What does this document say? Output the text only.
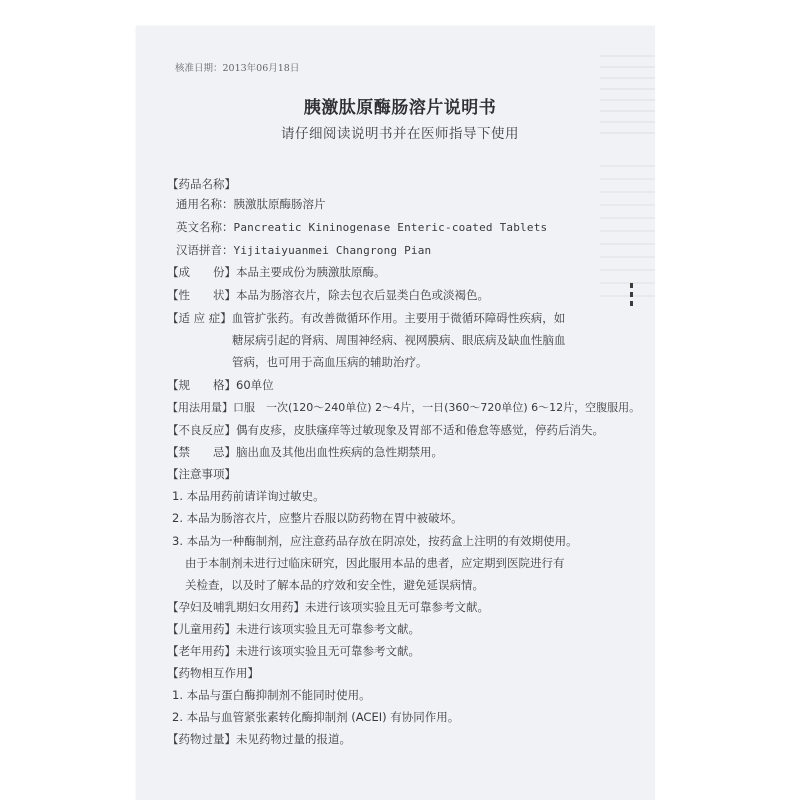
核准日期：2013年06月18日

胰激肽原酶肠溶片说明书

请仔细阅读说明书并在医师指导下使用

【药品名称】
通用名称：胰激肽原酶肠溶片
英文名称：Pancreatic Kininogenase Enteric-coated Tablets
汉语拼音：Yijitaiyuanmei Changrong Pian
【成　　份】本品主要成份为胰激肽原酶。
【性　　状】本品为肠溶衣片，除去包衣后显类白色或淡褐色。
【适 应 症】血管扩张药。有改善微循环作用。主要用于微循环障碍性疾病，如
糖尿病引起的肾病、周围神经病、视网膜病、眼底病及缺血性脑血
管病，也可用于高血压病的辅助治疗。
【规　　格】60单位
【用法用量】口服　一次(120～240单位) 2～4片，一日(360～720单位) 6～12片，空腹服用。
【不良反应】偶有皮疹，皮肤瘙痒等过敏现象及胃部不适和倦怠等感觉，停药后消失。
【禁　　忌】脑出血及其他出血性疾病的急性期禁用。
【注意事项】
1. 本品用药前请详询过敏史。
2. 本品为肠溶衣片，应整片吞服以防药物在胃中被破坏。
3. 本品为一种酶制剂，应注意药品存放在阴凉处，按药盒上注明的有效期使用。
由于本制剂未进行过临床研究，因此服用本品的患者，应定期到医院进行有
关检查，以及时了解本品的疗效和安全性，避免延误病情。
【孕妇及哺乳期妇女用药】未进行该项实验且无可靠参考文献。
【儿童用药】未进行该项实验且无可靠参考文献。
【老年用药】未进行该项实验且无可靠参考文献。
【药物相互作用】
1. 本品与蛋白酶抑制剂不能同时使用。
2. 本品与血管紧张素转化酶抑制剂 (ACEI) 有协同作用。
【药物过量】未见药物过量的报道。
